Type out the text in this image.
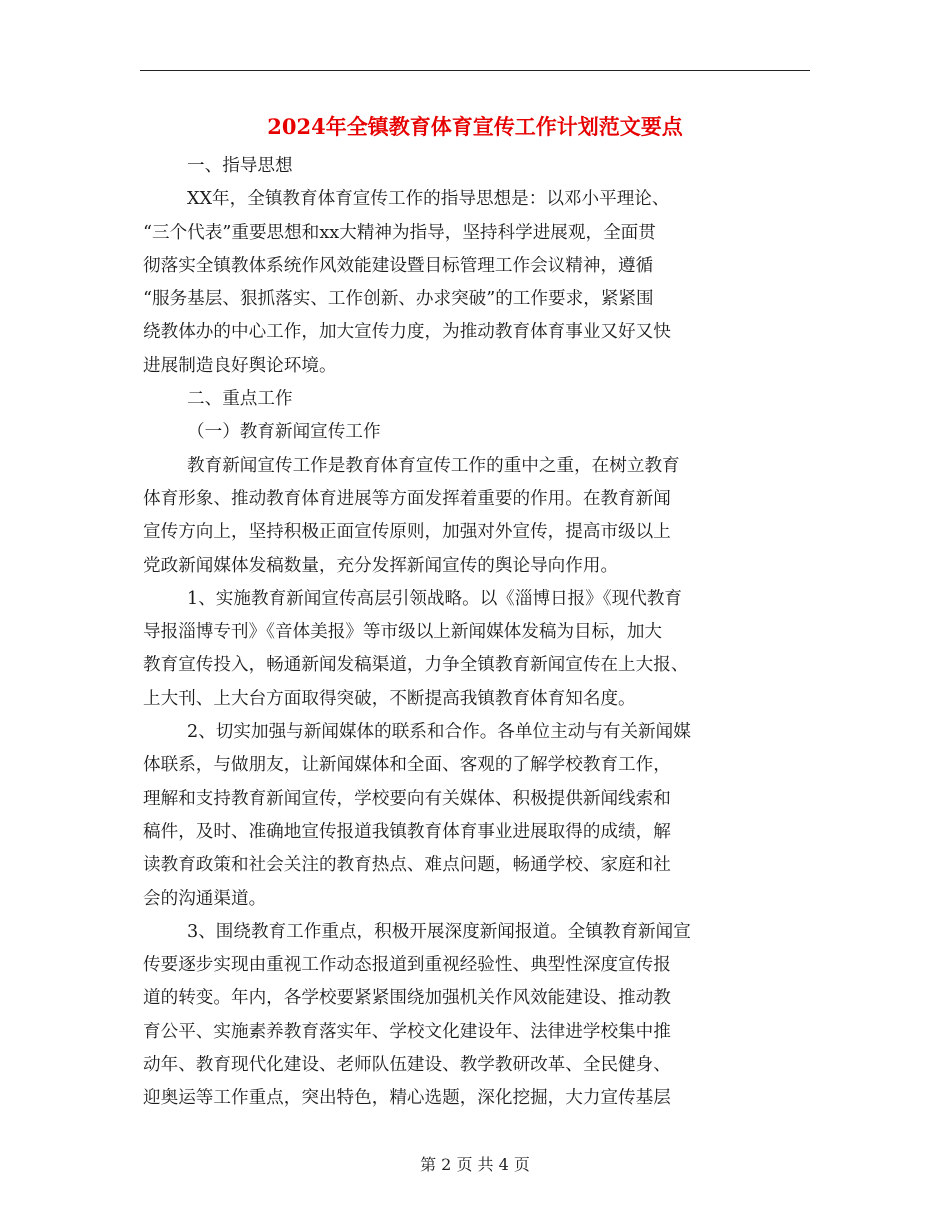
2024年全镇教育体育宣传工作计划范文要点
一、指导思想
XX年，全镇教育体育宣传工作的指导思想是：以邓小平理论、
“三个代表”重要思想和xx大精神为指导，坚持科学进展观，全面贯
彻落实全镇教体系统作风效能建设暨目标管理工作会议精神，遵循
“服务基层、狠抓落实、工作创新、办求突破”的工作要求，紧紧围
绕教体办的中心工作，加大宣传力度，为推动教育体育事业又好又快
进展制造良好舆论环境。
二、重点工作
（一）教育新闻宣传工作
教育新闻宣传工作是教育体育宣传工作的重中之重，在树立教育
体育形象、推动教育体育进展等方面发挥着重要的作用。在教育新闻
宣传方向上，坚持积极正面宣传原则，加强对外宣传，提高市级以上
党政新闻媒体发稿数量，充分发挥新闻宣传的舆论导向作用。
1、实施教育新闻宣传高层引领战略。以《淄博日报》《现代教育
导报淄博专刊》《音体美报》等市级以上新闻媒体发稿为目标，加大
教育宣传投入，畅通新闻发稿渠道，力争全镇教育新闻宣传在上大报、
上大刊、上大台方面取得突破，不断提高我镇教育体育知名度。
2、切实加强与新闻媒体的联系和合作。各单位主动与有关新闻媒
体联系，与做朋友，让新闻媒体和全面、客观的了解学校教育工作，
理解和支持教育新闻宣传，学校要向有关媒体、积极提供新闻线索和
稿件，及时、准确地宣传报道我镇教育体育事业进展取得的成绩，解
读教育政策和社会关注的教育热点、难点问题，畅通学校、家庭和社
会的沟通渠道。
3、围绕教育工作重点，积极开展深度新闻报道。全镇教育新闻宣
传要逐步实现由重视工作动态报道到重视经验性、典型性深度宣传报
道的转变。年内，各学校要紧紧围绕加强机关作风效能建设、推动教
育公平、实施素养教育落实年、学校文化建设年、法律进学校集中推
动年、教育现代化建设、老师队伍建设、教学教研改革、全民健身、
迎奥运等工作重点，突出特色，精心选题，深化挖掘，大力宣传基层
第 2 页 共 4 页
